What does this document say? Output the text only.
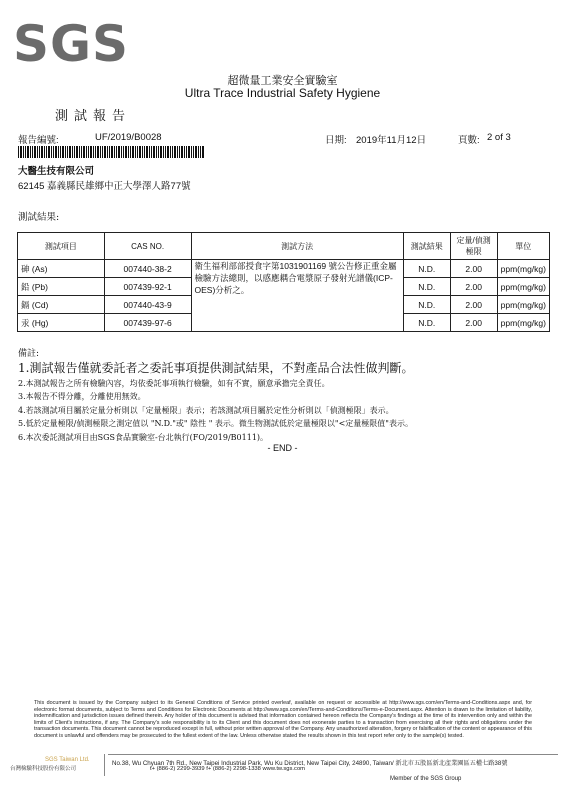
SGS
超微量工業安全實驗室
Ultra Trace Industrial Safety Hygiene
測試報告
報告編號:	UF/2019/B0028	日期: 2019年11月12日	頁數: 2 of 3
大醫生技有限公司
62145 嘉義縣民雄鄉中正大學澤人路77號
測試結果:
測試項目	CAS NO.	測試方法	測試結果	定量/偵測極限	單位
砷 (As)	007440-38-2	衛生福利部部授食字第1031901169 號公告修正重金屬檢驗方法總則，以感應耦合電漿原子發射光譜儀(ICP-OES)分析之。	N.D.	2.00	ppm(mg/kg)
鉛 (Pb)	007439-92-1		N.D.	2.00	ppm(mg/kg)
鎘 (Cd)	007440-43-9		N.D.	2.00	ppm(mg/kg)
汞 (Hg)	007439-97-6		N.D.	2.00	ppm(mg/kg)
備註:
1.測試報告僅就委託者之委託事項提供測試結果，不對產品合法性做判斷。
2.本測試報告之所有檢驗內容，均依委託事項執行檢驗，如有不實，願意承擔完全責任。
3.本報告不得分離，分離使用無效。
4.若該測試項目屬於定量分析則以「定量極限」表示；若該測試項目屬於定性分析則以「偵測極限」表示。
5.低於定量極限/偵測極限之測定值以 "N.D."或" 陰性 " 表示。微生物測試低於定量極限以"<定量極限值"表示。
6.本次委託測試項目由SGS食品實驗室-台北執行(FO/2019/B0111)。
- END -
This document is issued by the Company subject to its General Conditions of Service printed overleaf, available on request or accessible at http://www.sgs.com/en/Terms-and-Conditions.aspx and, for electronic format documents, subject to Terms and Conditions for Electronic Documents at http://www.sgs.com/en/Terms-and-Conditions/Terms-e-Document.aspx. Attention is drawn to the limitation of liability, indemnification and jurisdiction issues defined therein. Any holder of this document is advised that information contained hereon reflects the Company's findings at the time of its intervention only and within the limits of Client's instructions, if any. The Company's sole responsibility is to its Client and this document does not exonerate parties to a transaction from exercising all their rights and obligations under the transaction documents. This document cannot be reproduced except in full, without prior written approval of the Company. Any unauthorized alteration, forgery or falsification of the content or appearance of this document is unlawful and offenders may be prosecuted to the fullest extent of the law. Unless otherwise stated the results shown in this test report refer only to the sample(s) tested.
SGS Taiwan Ltd.
台灣檢驗科技股份有限公司
No.38, Wu Chyuan 7th Rd., New Taipei Industrial Park, Wu Ku District, New Taipei City, 24890, Taiwan/ 新北市五股區新北產業園區五權七路38號
t+ (886-2) 2299-3939 f+ (886-2) 2298-1338 www.tw.sgs.com
Member of the SGS Group
